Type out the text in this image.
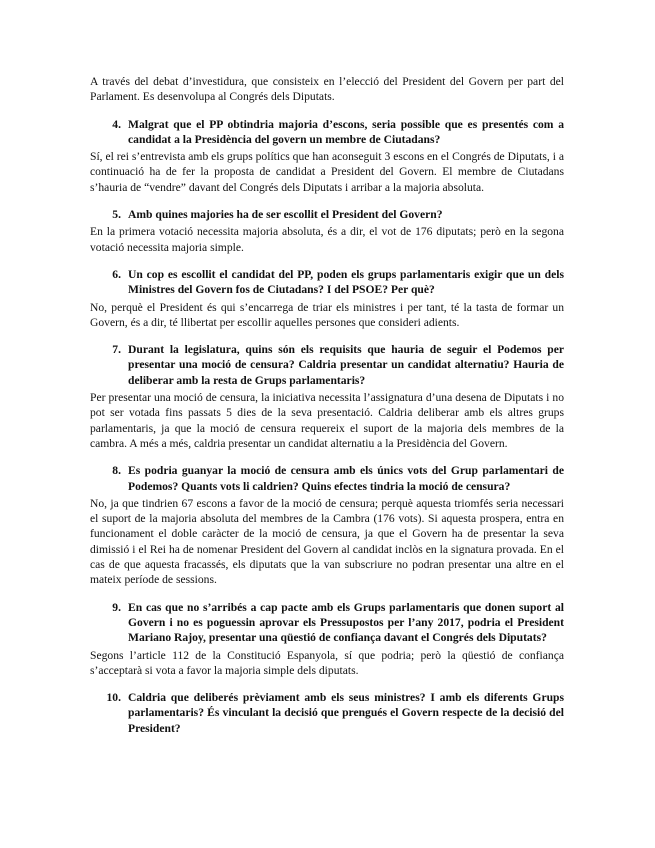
A través del debat d’investidura, que consisteix en l’elecció del President del Govern per part del Parlament. Es desenvolupa al Congrés dels Diputats.

4. Malgrat que el PP obtindria majoria d’escons, seria possible que es presentés com a candidat a la Presidència del govern un membre de Ciutadans?

Sí, el rei s’entrevista amb els grups polítics que han aconseguit 3 escons en el Congrés de Diputats, i a continuació ha de fer la proposta de candidat a President del Govern. El membre de Ciutadans s’hauria de “vendre” davant del Congrés dels Diputats i arribar a la majoria absoluta.

5. Amb quines majories ha de ser escollit el President del Govern?

En la primera votació necessita majoria absoluta, és a dir, el vot de 176 diputats; però en la segona votació necessita majoria simple.

6. Un cop es escollit el candidat del PP, poden els grups parlamentaris exigir que un dels Ministres del Govern fos de Ciutadans? I del PSOE? Per què?

No, perquè el President és qui s’encarrega de triar els ministres i per tant, té la tasta de formar un Govern, és a dir, té llibertat per escollir aquelles persones que consideri adients.

7. Durant la legislatura, quins són els requisits que hauria de seguir el Podemos per presentar una moció de censura? Caldria presentar un candidat alternatiu? Hauria de deliberar amb la resta de Grups parlamentaris?

Per presentar una moció de censura, la iniciativa necessita l’assignatura d’una desena de Diputats i no pot ser votada fins passats 5 dies de la seva presentació. Caldria deliberar amb els altres grups parlamentaris, ja que la moció de censura requereix el suport de la majoria dels membres de la cambra. A més a més, caldria presentar un candidat alternatiu a la Presidència del Govern.

8. Es podria guanyar la moció de censura amb els únics vots del Grup parlamentari de Podemos? Quants vots li caldrien? Quins efectes tindria la moció de censura?

No, ja que tindrien 67 escons a favor de la moció de censura; perquè aquesta triomfés seria necessari el suport de la majoria absoluta del membres de la Cambra (176 vots). Si aquesta prospera, entra en funcionament el doble caràcter de la moció de censura, ja que el Govern ha de presentar la seva dimissió i el Rei ha de nomenar President del Govern al candidat inclòs en la signatura provada. En el cas de que aquesta fracassés, els diputats que la van subscriure no podran presentar una altre en el mateix període de sessions.

9. En cas que no s’arribés a cap pacte amb els Grups parlamentaris que donen suport al Govern i no es poguessin aprovar els Pressupostos per l’any 2017, podria el President Mariano Rajoy, presentar una qüestió de confiança davant el Congrés dels Diputats?

Segons l’article 112 de la Constitució Espanyola, sí que podria; però la qüestió de confiança s’acceptarà si vota a favor la majoria simple dels diputats.

10. Caldria que deliberés prèviament amb els seus ministres? I amb els diferents Grups parlamentaris? És vinculant la decisió que prengués el Govern respecte de la decisió del President?
